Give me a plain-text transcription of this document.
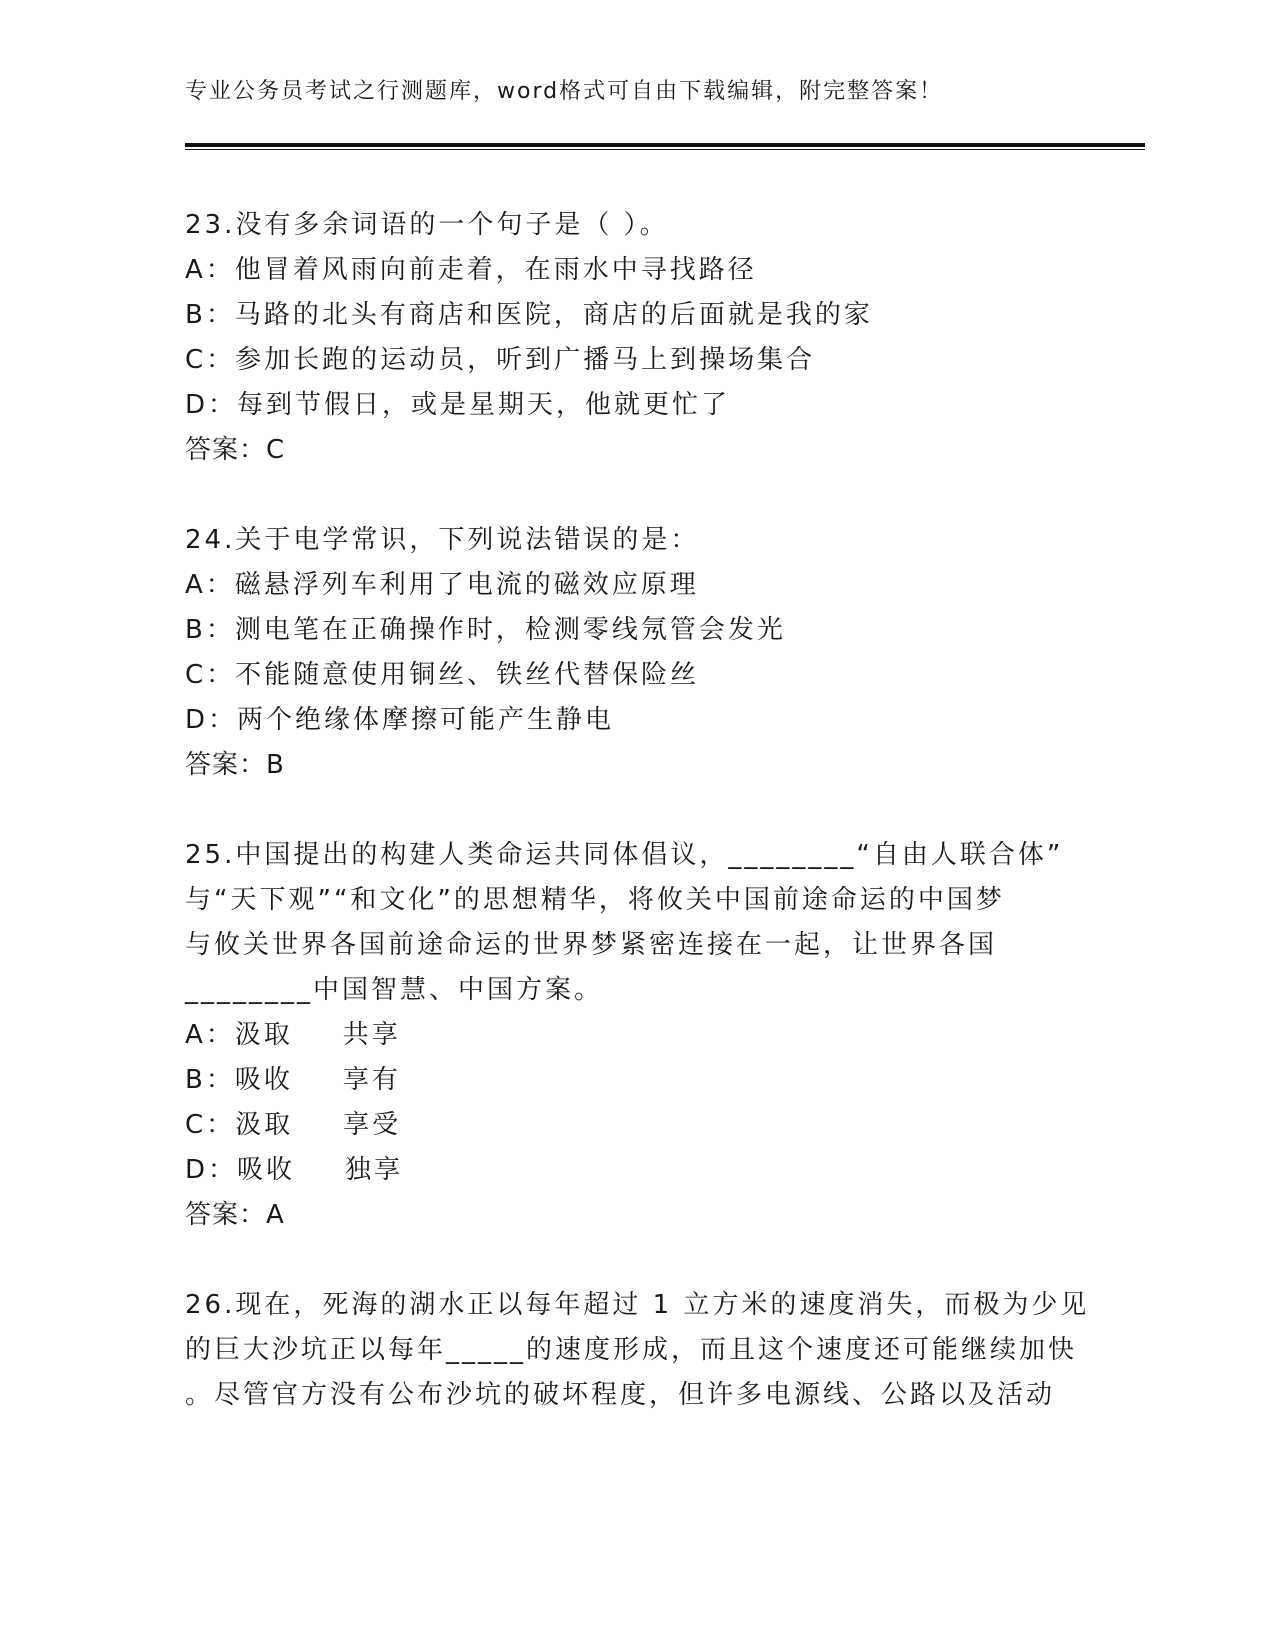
专业公务员考试之行测题库，word格式可自由下载编辑，附完整答案！
23.没有多余词语的一个句子是（ ）。
A：他冒着风雨向前走着，在雨水中寻找路径
B：马路的北头有商店和医院，商店的后面就是我的家
C：参加长跑的运动员，听到广播马上到操场集合
D：每到节假日，或是星期天，他就更忙了
答案：C
24.关于电学常识，下列说法错误的是：
A：磁悬浮列车利用了电流的磁效应原理
B：测电笔在正确操作时，检测零线氖管会发光
C：不能随意使用铜丝、铁丝代替保险丝
D：两个绝缘体摩擦可能产生静电
答案：B
25.中国提出的构建人类命运共同体倡议，________“自由人联合体”
与“天下观”“和文化”的思想精华，将攸关中国前途命运的中国梦
与攸关世界各国前途命运的世界梦紧密连接在一起，让世界各国
________中国智慧、中国方案。
A：汲取 共享
B：吸收 享有
C：汲取 享受
D：吸收 独享
答案：A
26.现在，死海的湖水正以每年超过 1 立方米的速度消失，而极为少见
的巨大沙坑正以每年_____的速度形成，而且这个速度还可能继续加快
。尽管官方没有公布沙坑的破坏程度，但许多电源线、公路以及活动
